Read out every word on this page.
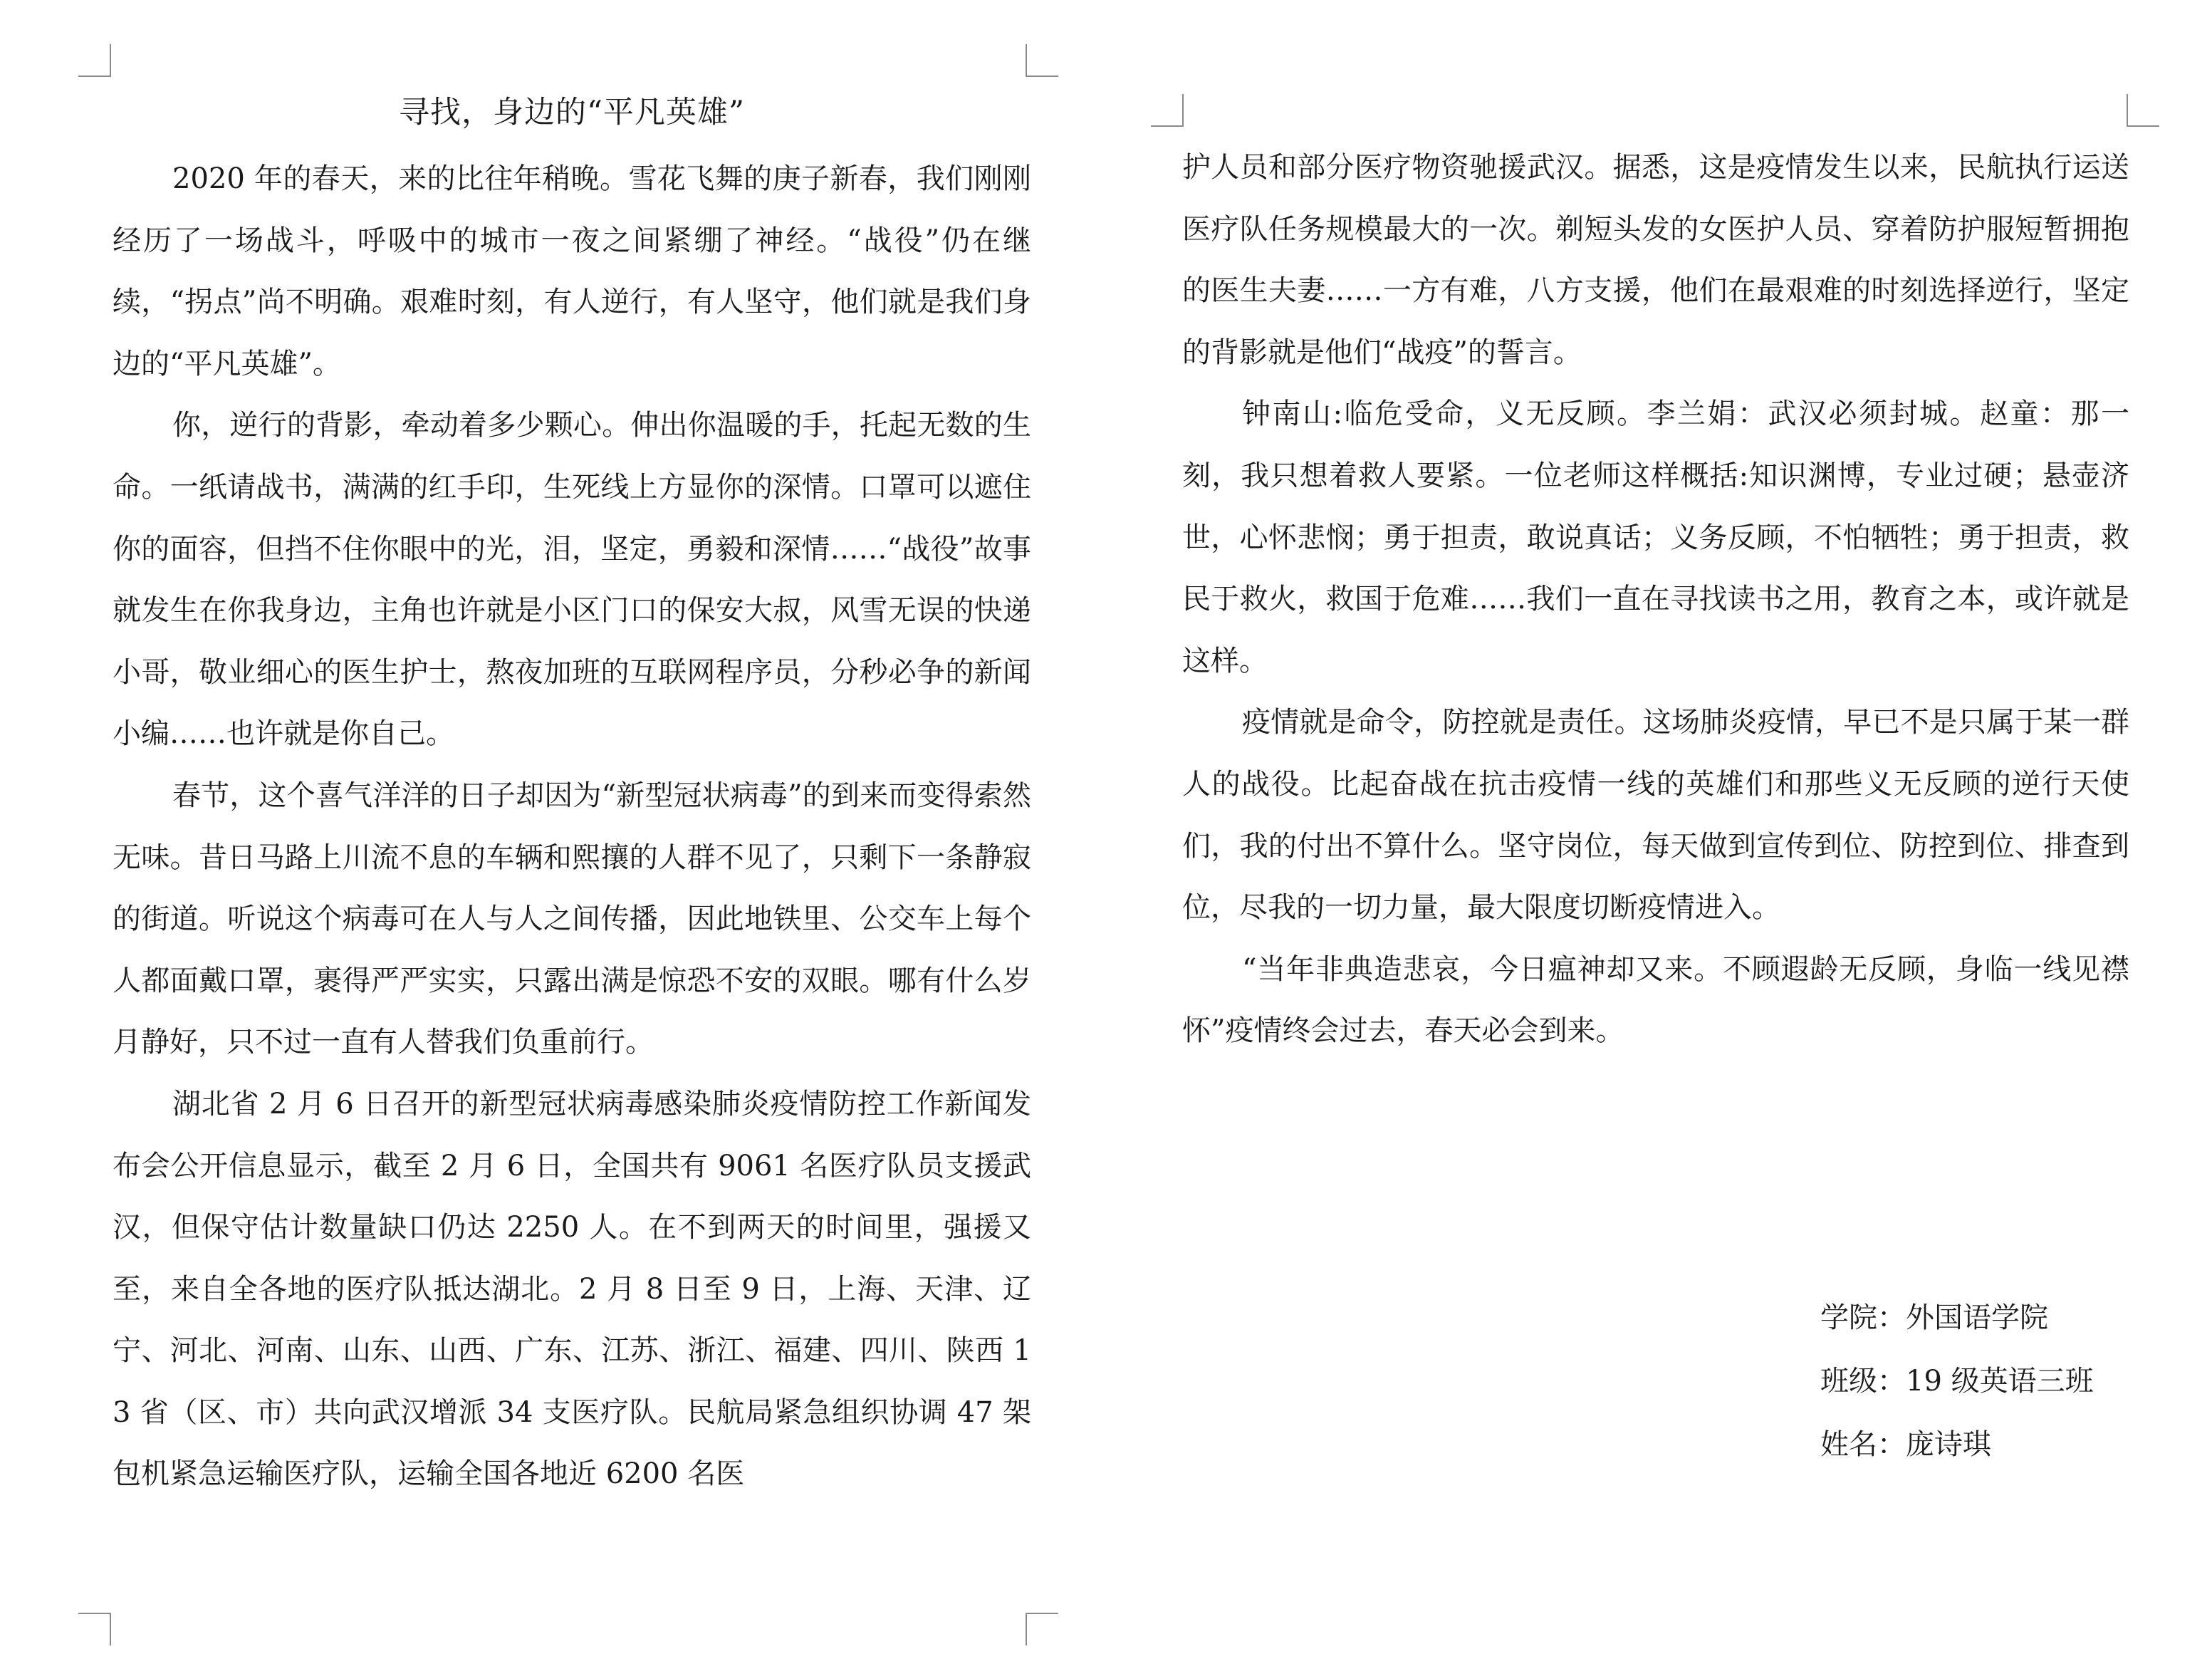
寻找，身边的“平凡英雄”

2020 年的春天，来的比往年稍晚。雪花飞舞的庚子新春，我们刚刚经历了一场战斗，呼吸中的城市一夜之间紧绷了神经。“战役”仍在继续，“拐点”尚不明确。艰难时刻，有人逆行，有人坚守，他们就是我们身边的“平凡英雄”。

你，逆行的背影，牵动着多少颗心。伸出你温暖的手，托起无数的生命。一纸请战书，满满的红手印，生死线上方显你的深情。口罩可以遮住你的面容，但挡不住你眼中的光，泪，坚定，勇毅和深情……“战役”故事就发生在你我身边，主角也许就是小区门口的保安大叔，风雪无误的快递小哥，敬业细心的医生护士，熬夜加班的互联网程序员，分秒必争的新闻小编……也许就是你自己。

春节，这个喜气洋洋的日子却因为“新型冠状病毒”的到来而变得索然无味。昔日马路上川流不息的车辆和熙攘的人群不见了，只剩下一条静寂的街道。听说这个病毒可在人与人之间传播，因此地铁里、公交车上每个人都面戴口罩，裹得严严实实，只露出满是惊恐不安的双眼。哪有什么岁月静好，只不过一直有人替我们负重前行。

湖北省 2 月 6 日召开的新型冠状病毒感染肺炎疫情防控工作新闻发布会公开信息显示，截至 2 月 6 日，全国共有 9061 名医疗队员支援武汉，但保守估计数量缺口仍达 2250 人。在不到两天的时间里，强援又至，来自全各地的医疗队抵达湖北。2 月 8 日至 9 日，上海、天津、辽宁、河北、河南、山东、山西、广东、江苏、浙江、福建、四川、陕西 13 省（区、市）共向武汉增派 34 支医疗队。民航局紧急组织协调 47 架包机紧急运输医疗队，运输全国各地近 6200 名医

护人员和部分医疗物资驰援武汉。据悉，这是疫情发生以来，民航执行运送医疗队任务规模最大的一次。剃短头发的女医护人员、穿着防护服短暂拥抱的医生夫妻……一方有难，八方支援，他们在最艰难的时刻选择逆行，坚定的背影就是他们“战疫”的誓言。

钟南山:临危受命，义无反顾。李兰娟：武汉必须封城。赵童：那一刻，我只想着救人要紧。一位老师这样概括:知识渊博，专业过硬；悬壶济世，心怀悲悯；勇于担责，敢说真话；义务反顾，不怕牺牲；勇于担责，救民于救火，救国于危难……我们一直在寻找读书之用，教育之本，或许就是这样。

疫情就是命令，防控就是责任。这场肺炎疫情，早已不是只属于某一群人的战役。比起奋战在抗击疫情一线的英雄们和那些义无反顾的逆行天使们，我的付出不算什么。坚守岗位，每天做到宣传到位、防控到位、排查到位，尽我的一切力量，最大限度切断疫情进入。

“当年非典造悲哀，今日瘟神却又来。不顾遐龄无反顾，身临一线见襟怀”疫情终会过去，春天必会到来。

学院：外国语学院

班级：19 级英语三班

姓名：庞诗琪
